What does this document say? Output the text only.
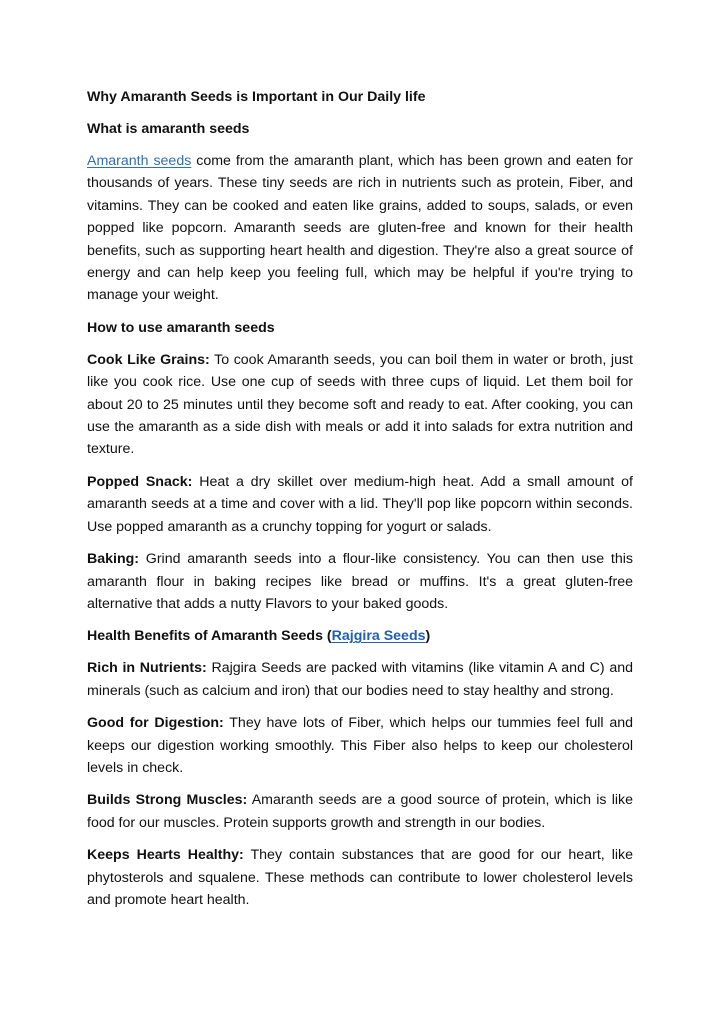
Why Amaranth Seeds is Important in Our Daily life
What is amaranth seeds

Amaranth seeds come from the amaranth plant, which has been grown and eaten for thousands of years. These tiny seeds are rich in nutrients such as protein, Fiber, and vitamins. They can be cooked and eaten like grains, added to soups, salads, or even popped like popcorn. Amaranth seeds are gluten-free and known for their health benefits, such as supporting heart health and digestion. They're also a great source of energy and can help keep you feeling full, which may be helpful if you're trying to manage your weight.

How to use amaranth seeds

Cook Like Grains: To cook Amaranth seeds, you can boil them in water or broth, just like you cook rice. Use one cup of seeds with three cups of liquid. Let them boil for about 20 to 25 minutes until they become soft and ready to eat. After cooking, you can use the amaranth as a side dish with meals or add it into salads for extra nutrition and texture.

Popped Snack: Heat a dry skillet over medium-high heat. Add a small amount of amaranth seeds at a time and cover with a lid. They'll pop like popcorn within seconds. Use popped amaranth as a crunchy topping for yogurt or salads.

Baking: Grind amaranth seeds into a flour-like consistency. You can then use this amaranth flour in baking recipes like bread or muffins. It's a great gluten-free alternative that adds a nutty Flavors to your baked goods.

Health Benefits of Amaranth Seeds (Rajgira Seeds)

Rich in Nutrients: Rajgira Seeds are packed with vitamins (like vitamin A and C) and minerals (such as calcium and iron) that our bodies need to stay healthy and strong.

Good for Digestion: They have lots of Fiber, which helps our tummies feel full and keeps our digestion working smoothly. This Fiber also helps to keep our cholesterol levels in check.

Builds Strong Muscles: Amaranth seeds are a good source of protein, which is like food for our muscles. Protein supports growth and strength in our bodies.

Keeps Hearts Healthy: They contain substances that are good for our heart, like phytosterols and squalene. These methods can contribute to lower cholesterol levels and promote heart health.
